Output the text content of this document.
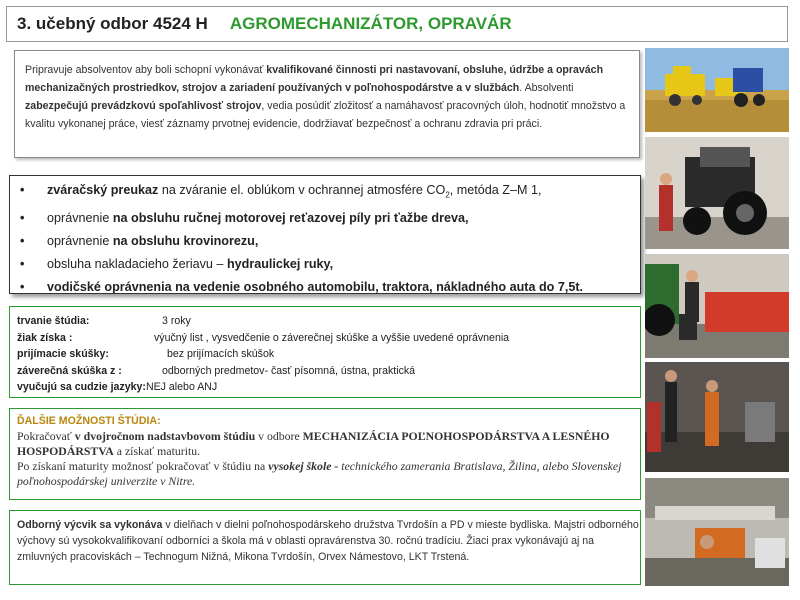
3. učebný odbor 4524 H AGROMECHANIZÁTOR, OPRAVÁR
Pripravuje absolventov aby boli schopní vykonávať kvalifikované činnosti pri nastavovaní, obsluhe, údržbe a opravách mechanizačných prostriedkov, strojov a zariadení používaných v poľnohospodárstve a v službách. Absolventi zabezpečujú prevádzkovú spoľahlivosť strojov, vedia posúdiť zložitosť a namáhavosť pracovných úloh, hodnotiť množstvo a kvalitu vykonanej práce, viesť záznamy prvotnej evidencie, dodržiavať bezpečnosť a ochranu zdravia pri práci.
•	zváračský preukaz na zváranie el. oblúkom v ochrannej atmosfére $CO_2$, metóda Z–M 1,
•	oprávnenie na obsluhu ručnej motorovej reťazovej píly pri ťažbe dreva,
•	oprávnenie na obsluhu krovinorezu,
•	obsluha nakladacieho žeriavu – hydraulickej ruky,
•	vodičské oprávnenia na vedenie osobného automobilu, traktora, nákladného auta do 7,5t.
trvanie štúdia:	3 roky
žiak získa :	výučný list , vysvedčenie o záverečnej skúške a vyššie uvedené oprávnenia
prijímacie skúšky:	bez prijímacích skúšok
záverečná skúška z :	odborných predmetov- časť písomná, ústna, praktická
vyučujú sa cudzie jazyky: NEJ alebo ANJ
ĎALŠIE MOŽNOSTI ŠTÚDIA:
Pokračovať v dvojročnom nadstavbovom štúdiu v odbore MECHANIZÁCIA POĽNOHOSPODÁRSTVA A LESNÉHO HOSPODÁRSTVA a získať maturitu.
Po získaní maturity možnosť pokračovať v štúdiu na vysokej škole - technického zamerania Bratislava, Žilina, alebo Slovenskej poľnohospodárskej univerzite v Nitre.
Odborný výcvik sa vykonáva v dielňach v dielni poľnohospodárskeho družstva Tvrdošín a PD v mieste bydliska. Majstri odborného výchovy sú vysokokvalifikovaní odborníci a škola má v oblasti opravárenstva 30. ročnú tradíciu. Žiaci prax vykonávajú aj na zmluvných pracoviskách – Technogum Nižná, Mikona Tvrdošín, Orvex Námestovo, LKT Trstená.
